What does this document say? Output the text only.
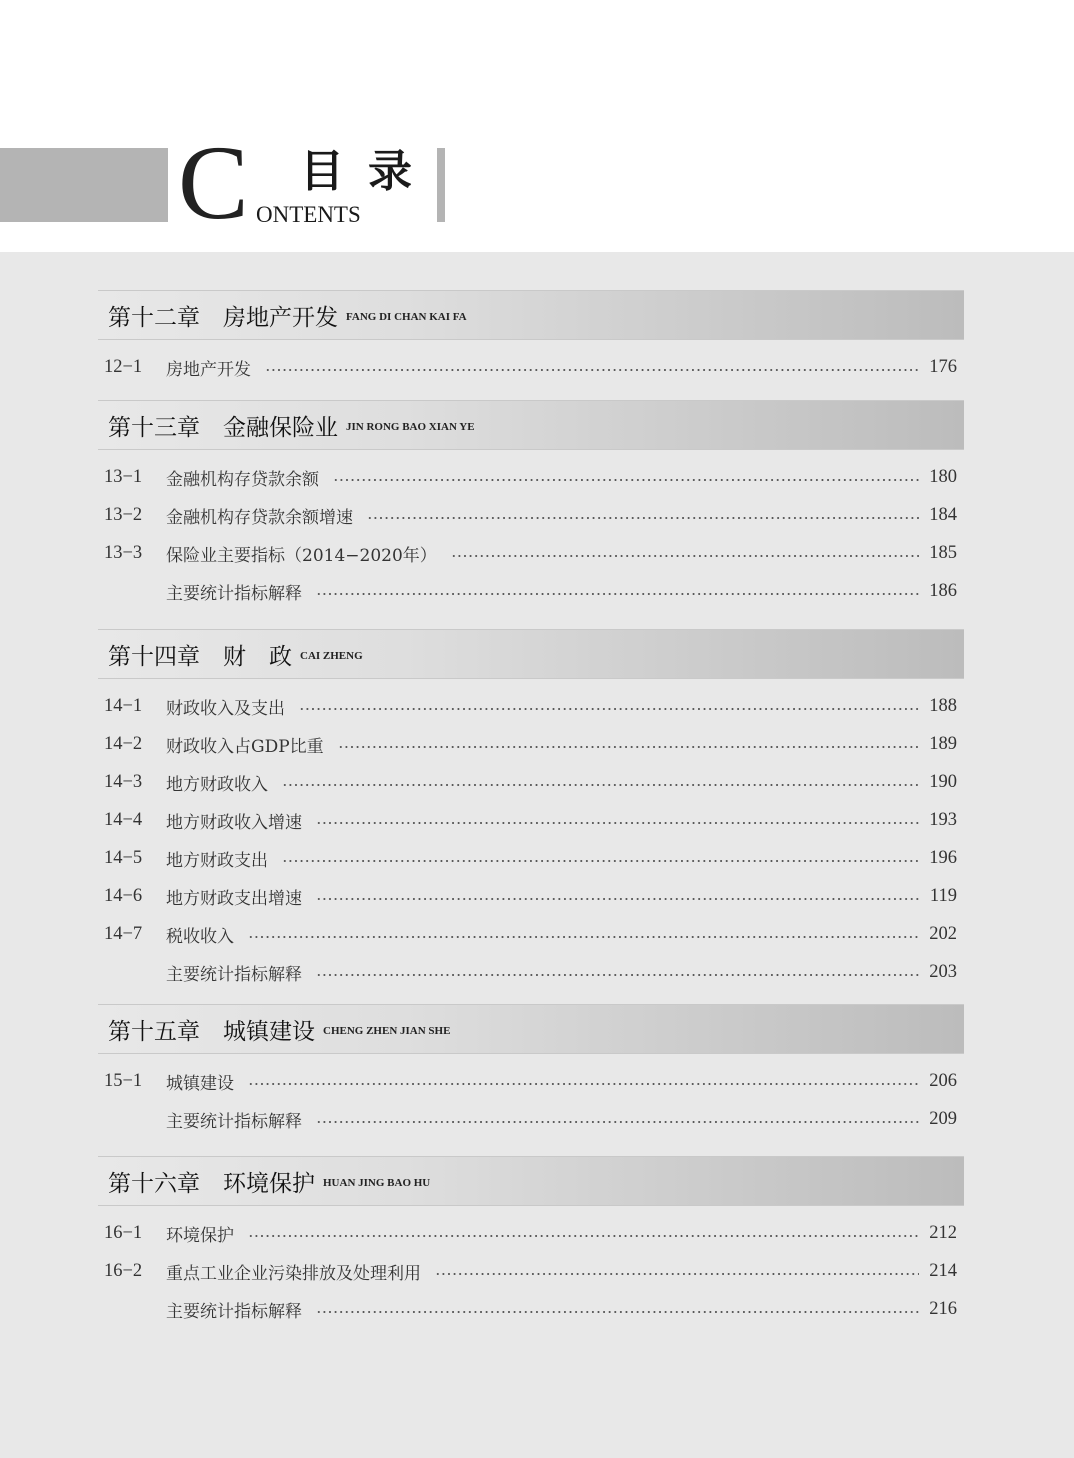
C 目录
ONTENTS
第十二章　房地产开发 FANG DI CHAN KAI FA
12−1	房地产开发	176
第十三章　金融保险业 JIN RONG BAO XIAN YE
13−1	金融机构存贷款余额	180
13−2	金融机构存贷款余额增速	184
13−3	保险业主要指标（2014−2020年）	185
主要统计指标解释	186
第十四章　财　政 CAI ZHENG
14−1	财政收入及支出	188
14−2	财政收入占GDP比重	189
14−3	地方财政收入	190
14−4	地方财政收入增速	193
14−5	地方财政支出	196
14−6	地方财政支出增速	119
14−7	税收收入	202
主要统计指标解释	203
第十五章　城镇建设 CHENG ZHEN JIAN SHE
15−1	城镇建设	206
主要统计指标解释	209
第十六章　环境保护 HUAN JING BAO HU
16−1	环境保护	212
16−2	重点工业企业污染排放及处理利用	214
主要统计指标解释	216
